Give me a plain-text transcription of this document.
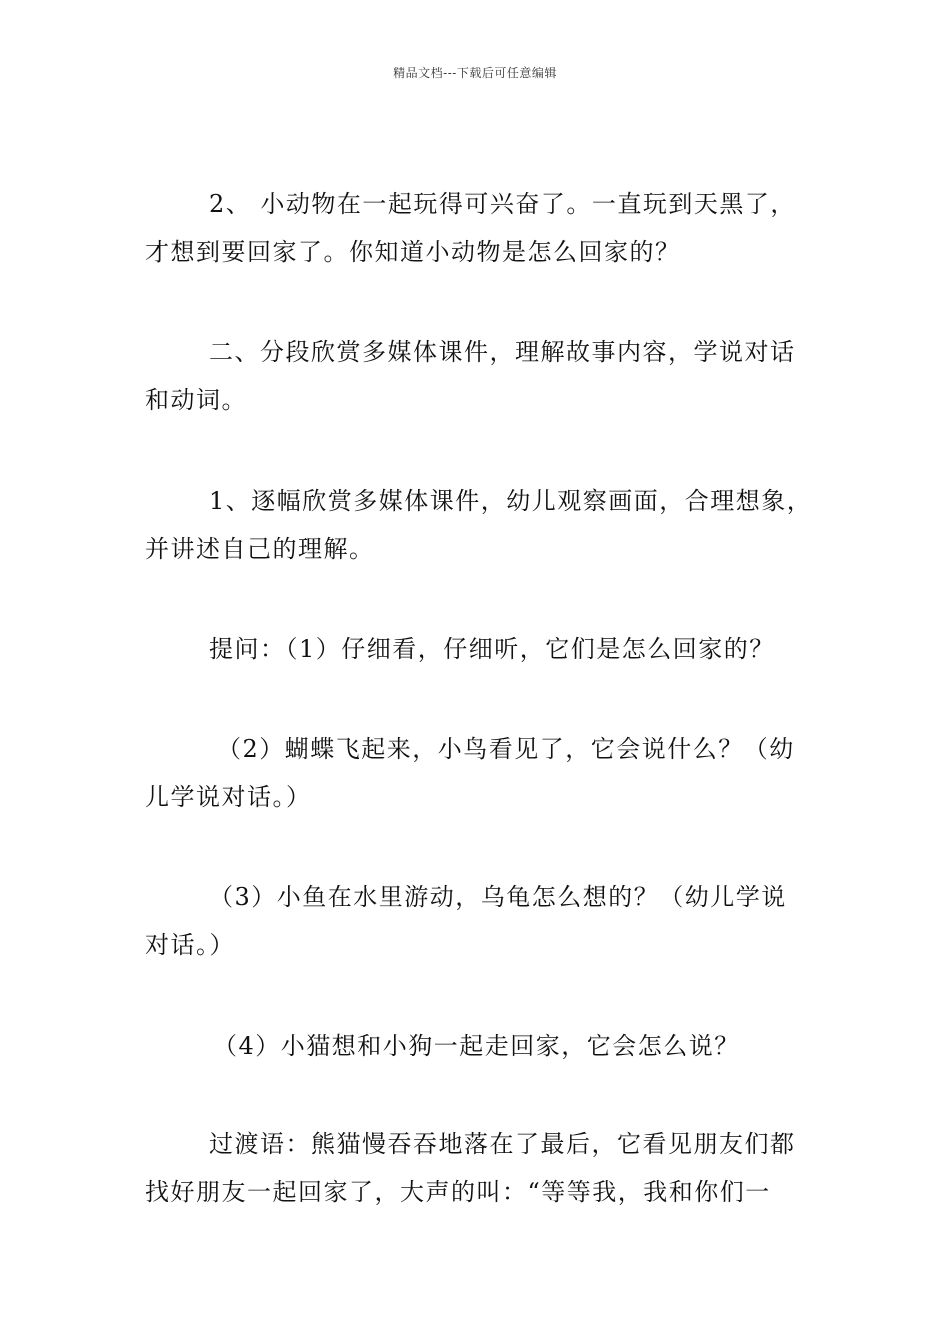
精品文档---下载后可任意编辑

2、 小动物在一起玩得可兴奋了。一直玩到天黑了，才想到要回家了。你知道小动物是怎么回家的？

二、分段欣赏多媒体课件，理解故事内容，学说对话和动词。

1、逐幅欣赏多媒体课件，幼儿观察画面，合理想象，并讲述自己的理解。

提问：（1）仔细看，仔细听，它们是怎么回家的？

（2）蝴蝶飞起来，小鸟看见了，它会说什么？（幼儿学说对话。）

（3）小鱼在水里游动，乌龟怎么想的？（幼儿学说对话。）

（4）小猫想和小狗一起走回家，它会怎么说？

过渡语：熊猫慢吞吞地落在了最后，它看见朋友们都找好朋友一起回家了，大声的叫：“等等我，我和你们一
